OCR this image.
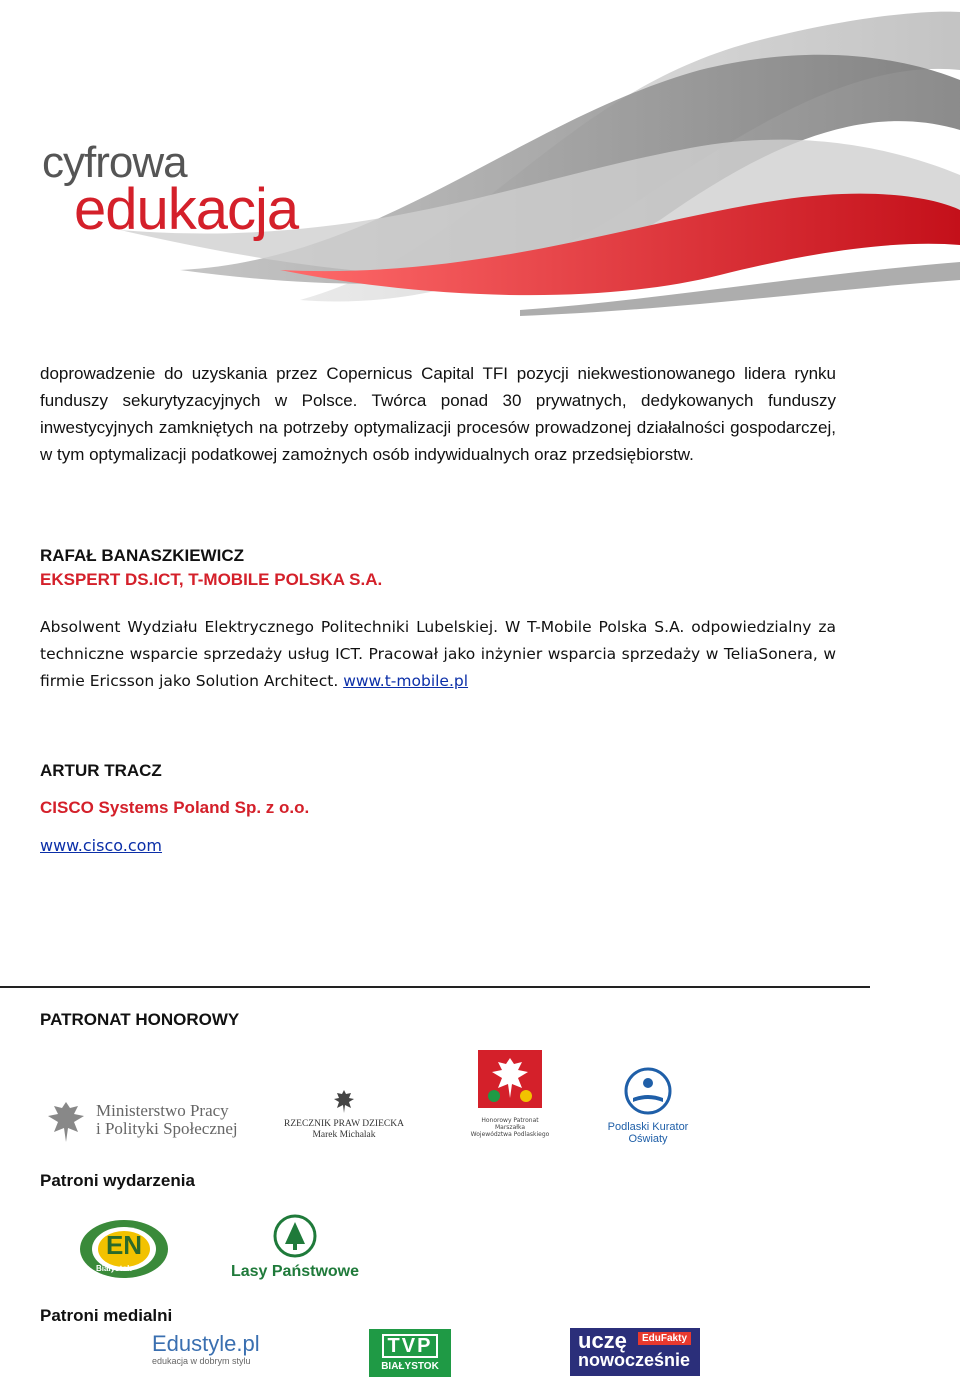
cyfrowa
edukacja
doprowadzenie do uzyskania przez Copernicus Capital TFI pozycji niekwestionowanego lidera rynku funduszy sekurytyzacyjnych w Polsce. Twórca ponad 30 prywatnych, dedykowanych funduszy inwestycyjnych zamkniętych na potrzeby optymalizacji procesów prowadzonej działalności gospodarczej, w tym optymalizacji podatkowej zamożnych osób indywidualnych oraz przedsiębiorstw.
RAFAŁ BANASZKIEWICZ
EKSPERT DS.ICT, T-MOBILE POLSKA S.A.
Absolwent Wydziału Elektrycznego Politechniki Lubelskiej. W T-Mobile Polska S.A. odpowiedzialny za techniczne wsparcie sprzedaży usług ICT. Pracował jako inżynier wsparcia sprzedaży w TeliaSonera, w firmie Ericsson jako Solution Architect. www.t-mobile.pl
ARTUR TRACZ
CISCO Systems Poland Sp. z o.o.
www.cisco.com
PATRONAT HONOROWY
Ministerstwo Pracy
i Polityki Społecznej	RZECZNIK PRAW DZIECKA
Marek Michalak
Honorowy Patronat
Marszałka
Województwa Podlaskiego
Podlaski Kurator
Oświaty
Patroni wydarzenia
EN
Białystok	Lasy Państwowe
Patroni medialni
Edustyle.pl
edukacja w dobrym stylu
TVP
BIAŁYSTOK
uczę	EduFakty
nowocześnie
